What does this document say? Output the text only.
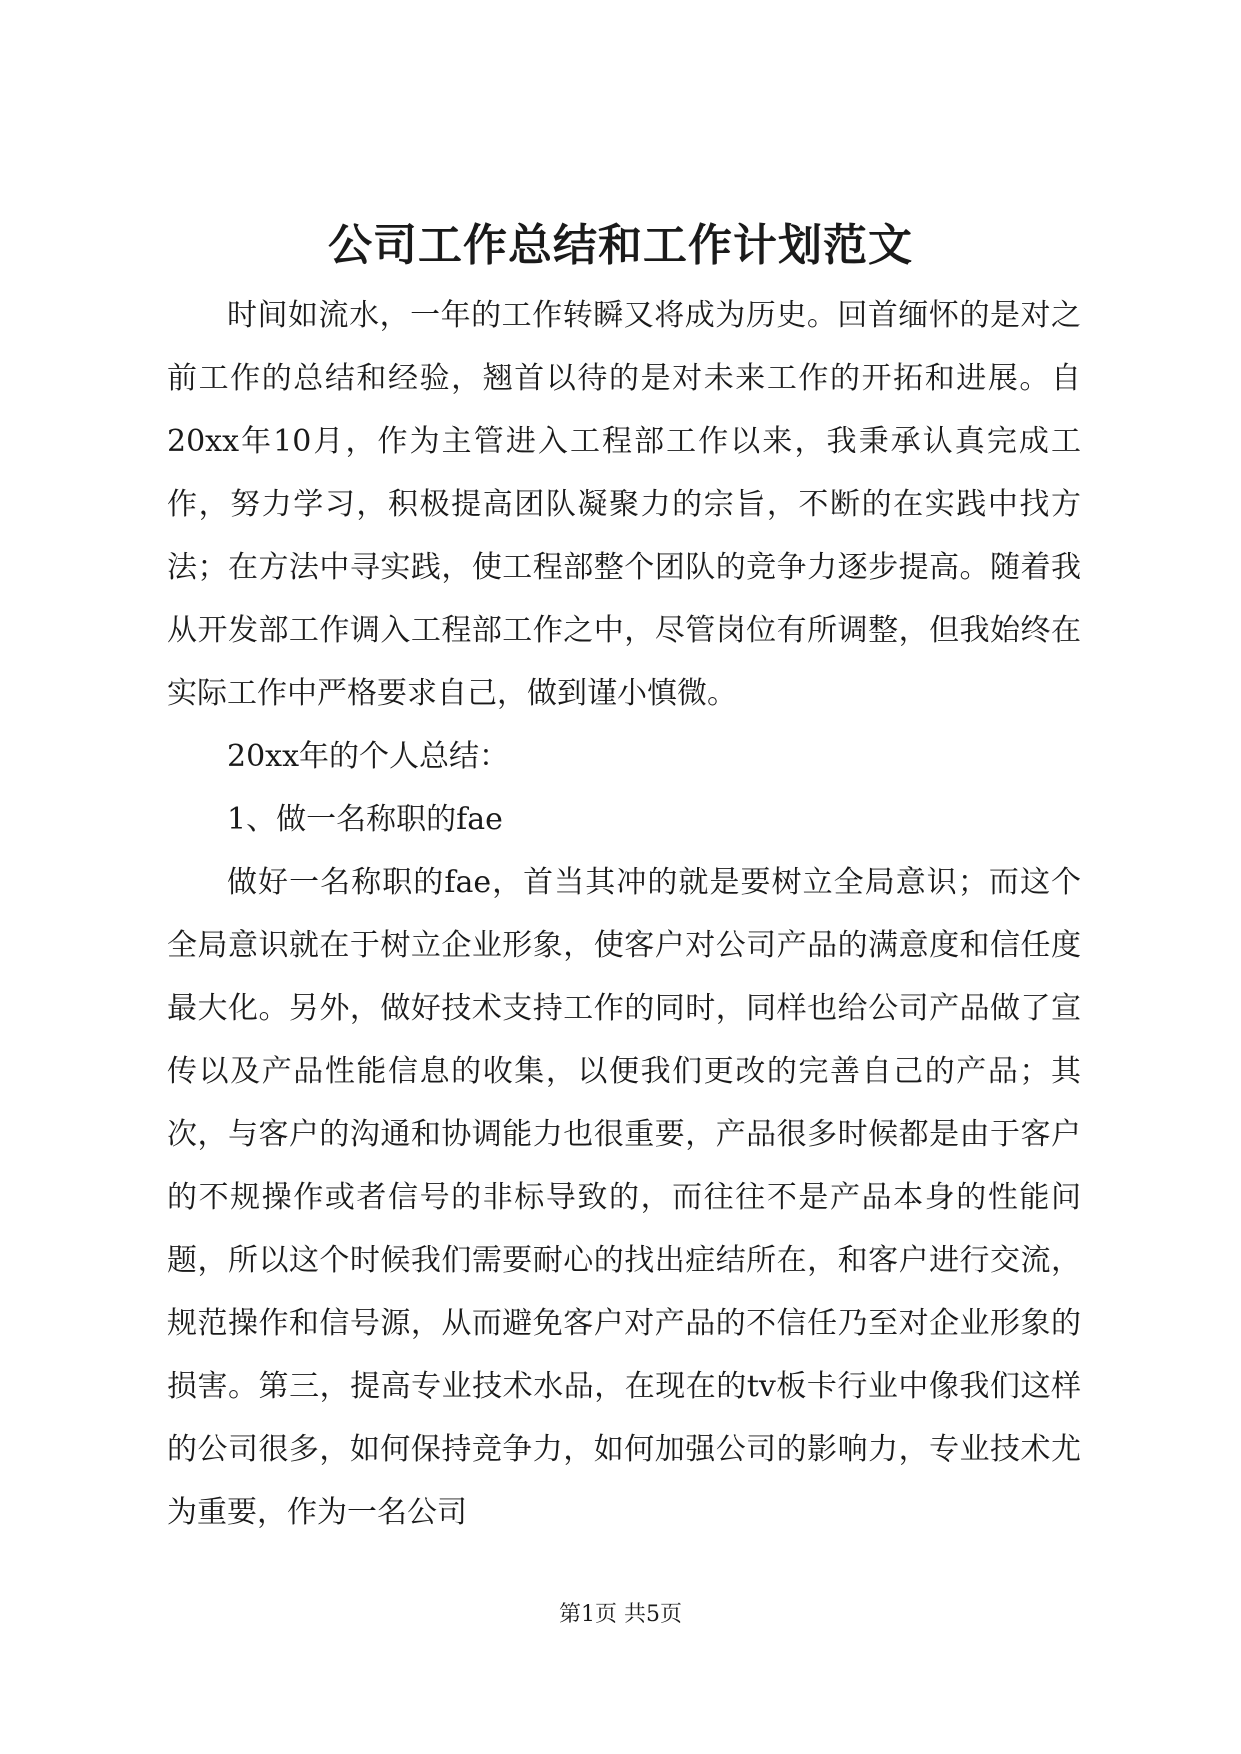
公司工作总结和工作计划范文

时间如流水，一年的工作转瞬又将成为历史。回首缅怀的是对之前工作的总结和经验，翘首以待的是对未来工作的开拓和进展。自20xx年10月，作为主管进入工程部工作以来，我秉承认真完成工作，努力学习，积极提高团队凝聚力的宗旨，不断的在实践中找方法；在方法中寻实践，使工程部整个团队的竞争力逐步提高。随着我从开发部工作调入工程部工作之中，尽管岗位有所调整，但我始终在实际工作中严格要求自己，做到谨小慎微。

20xx年的个人总结：

1、做一名称职的fae

做好一名称职的fae，首当其冲的就是要树立全局意识；而这个全局意识就在于树立企业形象，使客户对公司产品的满意度和信任度最大化。另外，做好技术支持工作的同时，同样也给公司产品做了宣传以及产品性能信息的收集，以便我们更改的完善自己的产品；其次，与客户的沟通和协调能力也很重要，产品很多时候都是由于客户的不规操作或者信号的非标导致的，而往往不是产品本身的性能问题，所以这个时候我们需要耐心的找出症结所在，和客户进行交流，规范操作和信号源，从而避免客户对产品的不信任乃至对企业形象的损害。第三，提高专业技术水品，在现在的tv板卡行业中像我们这样的公司很多，如何保持竞争力，如何加强公司的影响力，专业技术尤为重要，作为一名公司

第1页 共5页
